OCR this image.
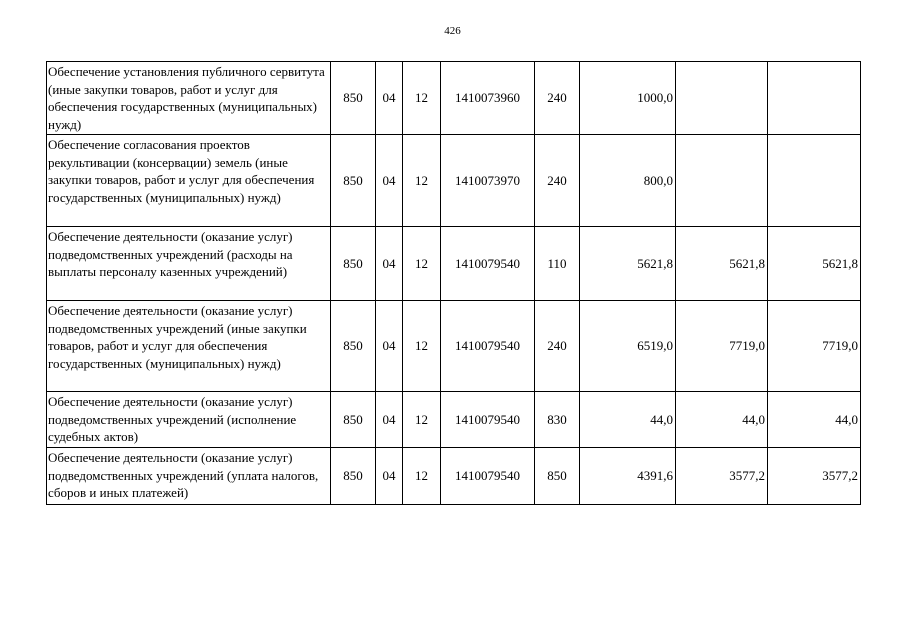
426
Обеспечение установления публичного сервитута (иные закупки товаров, работ и услуг для обеспечения государственных (муниципальных) нужд)	850	04	12	1410073960	240	1000,0		
Обеспечение согласования проектов рекультивации (консервации) земель (иные закупки товаров, работ и услуг для обеспечения государственных (муниципальных) нужд)	850	04	12	1410073970	240	800,0		
Обеспечение деятельности (оказание услуг) подведомственных учреждений (расходы на выплаты персоналу казенных учреждений)	850	04	12	1410079540	110	5621,8	5621,8	5621,8
Обеспечение деятельности (оказание услуг) подведомственных учреждений (иные закупки товаров, работ и услуг для обеспечения государственных (муниципальных) нужд)	850	04	12	1410079540	240	6519,0	7719,0	7719,0
Обеспечение деятельности (оказание услуг) подведомственных учреждений (исполнение судебных актов)	850	04	12	1410079540	830	44,0	44,0	44,0
Обеспечение деятельности (оказание услуг) подведомственных учреждений (уплата налогов, сборов и иных платежей)	850	04	12	1410079540	850	4391,6	3577,2	3577,2
